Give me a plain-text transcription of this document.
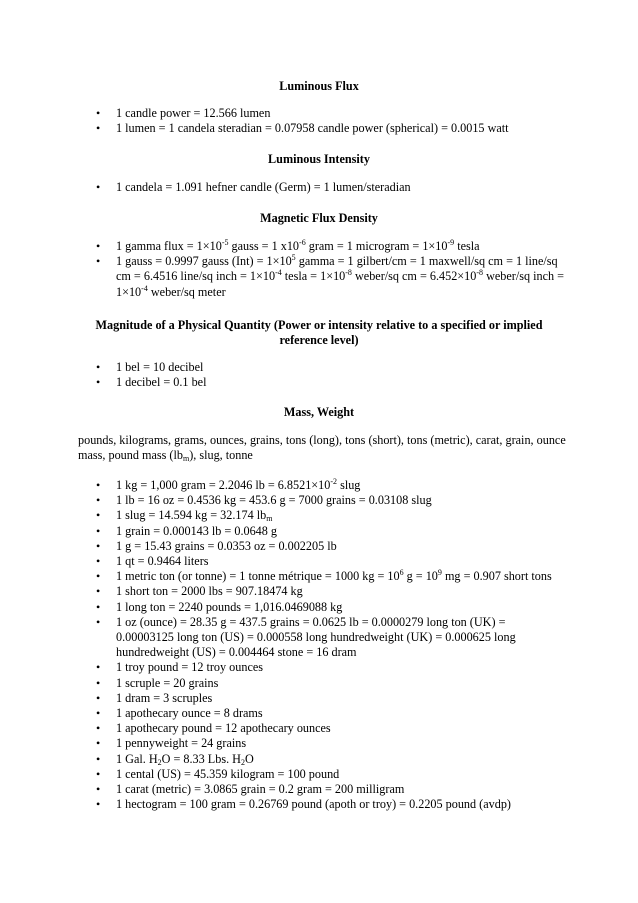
Luminous Flux
• 1 candle power = 12.566 lumen
• 1 lumen = 1 candela steradian = 0.07958 candle power (spherical) = 0.0015 watt
Luminous Intensity
• 1 candela = 1.091 hefner candle (Germ) = 1 lumen/steradian
Magnetic Flux Density
• 1 gamma flux = $1\times 10^{-5}$ gauss = 1 $x10^{-6}$ gram = 1 microgram = $1\times 10^{-9}$ tesla
• 1 gauss = 0.9997 gauss $(Int) = 1\times 10^5$ gamma = 1 gilbert/cm = 1 maxwell/sq cm = 1 line/sq cm = 6.4516 line/sq inch = $1\times 10^{-4}$ tesla = $1\times 10^{-8}$ weber/sq cm = $6.452\times 10^{-8}$ weber/sq inch = $1\times 10^{-4}$ weber/sq meter
Magnitude of a Physical Quantity (Power or intensity relative to a specified or implied reference level)
• 1 bel = 10 decibel
• 1 decibel = 0.1 bel
Mass, Weight
pounds, kilograms, grams, ounces, grains, tons (long), tons (short), tons (metric), carat, grain, ounce mass, pound mass $(lb_m)$, slug, tonne
• 1 kg = 1,000 gram = 2.2046 lb = $6.8521\times 10^{-2}$ slug
• 1 lb = 16 oz = 0.4536 kg = 453.6 g = 7000 grains = 0.03108 slug
• 1 slug = 14.594 kg = 32.174 $lb_m$
• 1 grain = 0.000143 lb = 0.0648 g
• 1 g = 15.43 grains = 0.0353 oz = 0.002205 lb
• 1 qt = 0.9464 liters
• 1 metric ton (or tonne) = 1 tonne métrique = 1000 kg = $10^6$ $g = 10^9$ mg = 0.907 short tons
• 1 short ton = 2000 lbs = 907.18474 kg
• 1 long ton = 2240 pounds = 1,016.0469088 kg
• 1 oz (ounce) = 28.35 g = 437.5 grains = 0.0625 lb = 0.0000279 long ton (UK) = 0.00003125 long ton (US) = 0.000558 long hundredweight (UK) = 0.000625 long hundredweight (US) = 0.004464 stone = 16 dram
• 1 troy pound = 12 troy ounces
• 1 scruple = 20 grains
• 1 dram = 3 scruples
• 1 apothecary ounce = 8 drams
• 1 apothecary pound = 12 apothecary ounces
• 1 pennyweight = 24 grains
• 1 Gal. $H_2O = 8.33$ Lbs. $H_2O$
• 1 cental (US) = 45.359 kilogram = 100 pound
• 1 carat (metric) = 3.0865 grain = 0.2 gram = 200 milligram
• 1 hectogram = 100 gram = 0.26769 pound (apoth or troy) = 0.2205 pound (avdp)
